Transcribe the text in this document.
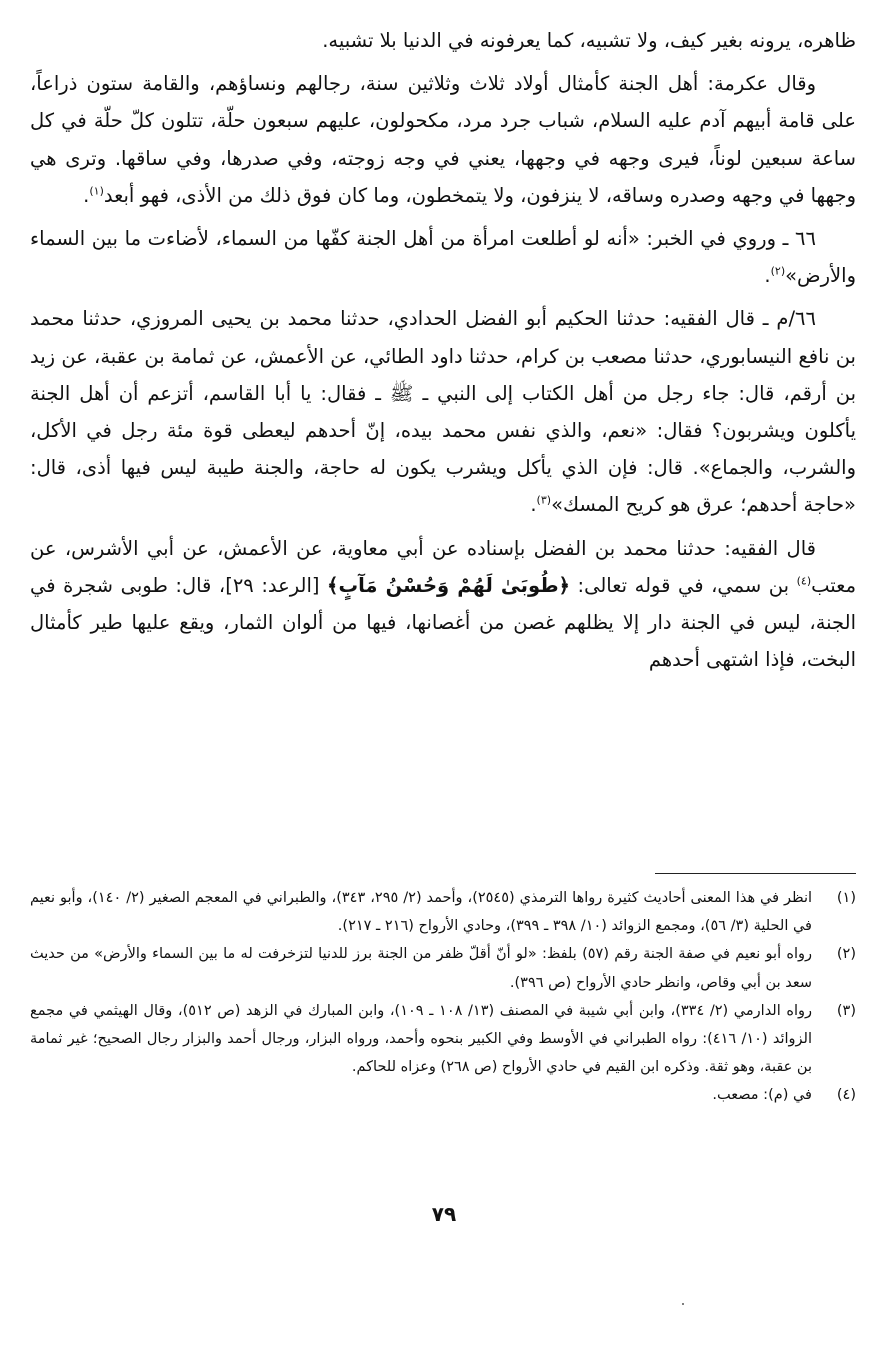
ظاهره، يرونه بغير كيف، ولا تشبيه، كما يعرفونه في الدنيا بلا تشبيه.

وقال عكرمة: أهل الجنة كأمثال أولاد ثلاث وثلاثين سنة، رجالهم ونساؤهم، والقامة ستون ذراعاً، على قامة أبيهم آدم عليه السلام، شباب جرد مرد، مكحولون، عليهم سبعون حلّة، تتلون كلّ حلّة في كل ساعة سبعين لوناً، فيرى وجهه في وجهها، يعني في وجه زوجته، وفي صدرها، وفي ساقها. وترى هي وجهها في وجهه وصدره وساقه، لا ينزفون، ولا يتمخطون، وما كان فوق ذلك من الأذى، فهو أبعد$^{(١)}$.

٦٦ ـ وروي في الخبر: «أنه لو أطلعت امرأة من أهل الجنة كفّها من السماء، لأضاءت ما بين السماء والأرض»$^{(٢)}$.

٦٦/م ـ قال الفقيه: حدثنا الحكيم أبو الفضل الحدادي، حدثنا محمد بن يحيى المروزي، حدثنا محمد بن نافع النيسابوري، حدثنا مصعب بن كرام، حدثنا داود الطائي، عن الأعمش، عن ثمامة بن عقبة، عن زيد بن أرقم، قال: جاء رجل من أهل الكتاب إلى النبي ـ ﷺ ـ فقال: يا أبا القاسم، أتزعم أن أهل الجنة يأكلون ويشربون؟ فقال: «نعم، والذي نفس محمد بيده، إنّ أحدهم ليعطى قوة مئة رجل في الأكل، والشرب، والجماع». قال: فإن الذي يأكل ويشرب يكون له حاجة، والجنة طيبة ليس فيها أذى، قال: «حاجة أحدهم؛ عرق هو كريح المسك»$^{(٣)}$.

قال الفقيه: حدثنا محمد بن الفضل بإسناده عن أبي معاوية، عن الأعمش، عن أبي الأشرس، عن معتب$^{(٤)}$ بن سمي، في قوله تعالى: ﴿طُوبَىٰ لَهُمْ وَحُسْنُ مَآبٍ﴾ [الرعد: ٢٩]، قال: طوبى شجرة في الجنة، ليس في الجنة دار إلا يظلهم غصن من أغصانها، فيها من ألوان الثمار، ويقع عليها طير كأمثال البخت، فإذا اشتهى أحدهم

(١)
انظر في هذا المعنى أحاديث كثيرة رواها الترمذي (٢٥٤٥)، وأحمد (٢/ ٢٩٥، ٣٤٣)، والطبراني في المعجم الصغير (٢/ ١٤٠)، وأبو نعيم في الحلية (٣/ ٥٦)، ومجمع الزوائد (١٠/ ٣٩٨ ـ ٣٩٩)، وحادي الأرواح (٢١٦ ـ ٢١٧).
(٢)
رواه أبو نعيم في صفة الجنة رقم (٥٧) بلفظ: «لو أنّ أقلّ ظفر من الجنة برز للدنيا لتزخرفت له ما بين السماء والأرض» من حديث سعد بن أبي وقاص، وانظر حادي الأرواح (ص ٣٩٦).
(٣)
رواه الدارمي (٢/ ٣٣٤)، وابن أبي شيبة في المصنف (١٣/ ١٠٨ ـ ١٠٩)، وابن المبارك في الزهد (ص ٥١٢)، وقال الهيثمي في مجمع الزوائد (١٠/ ٤١٦): رواه الطبراني في الأوسط وفي الكبير بنحوه وأحمد، ورواه البزار، ورجال أحمد والبزار رجال الصحيح؛ غير ثمامة بن عقبة، وهو ثقة. وذكره ابن القيم في حادي الأرواح (ص ٢٦٨) وعزاه للحاكم.
(٤)
في (م): مصعب.
٧٩
